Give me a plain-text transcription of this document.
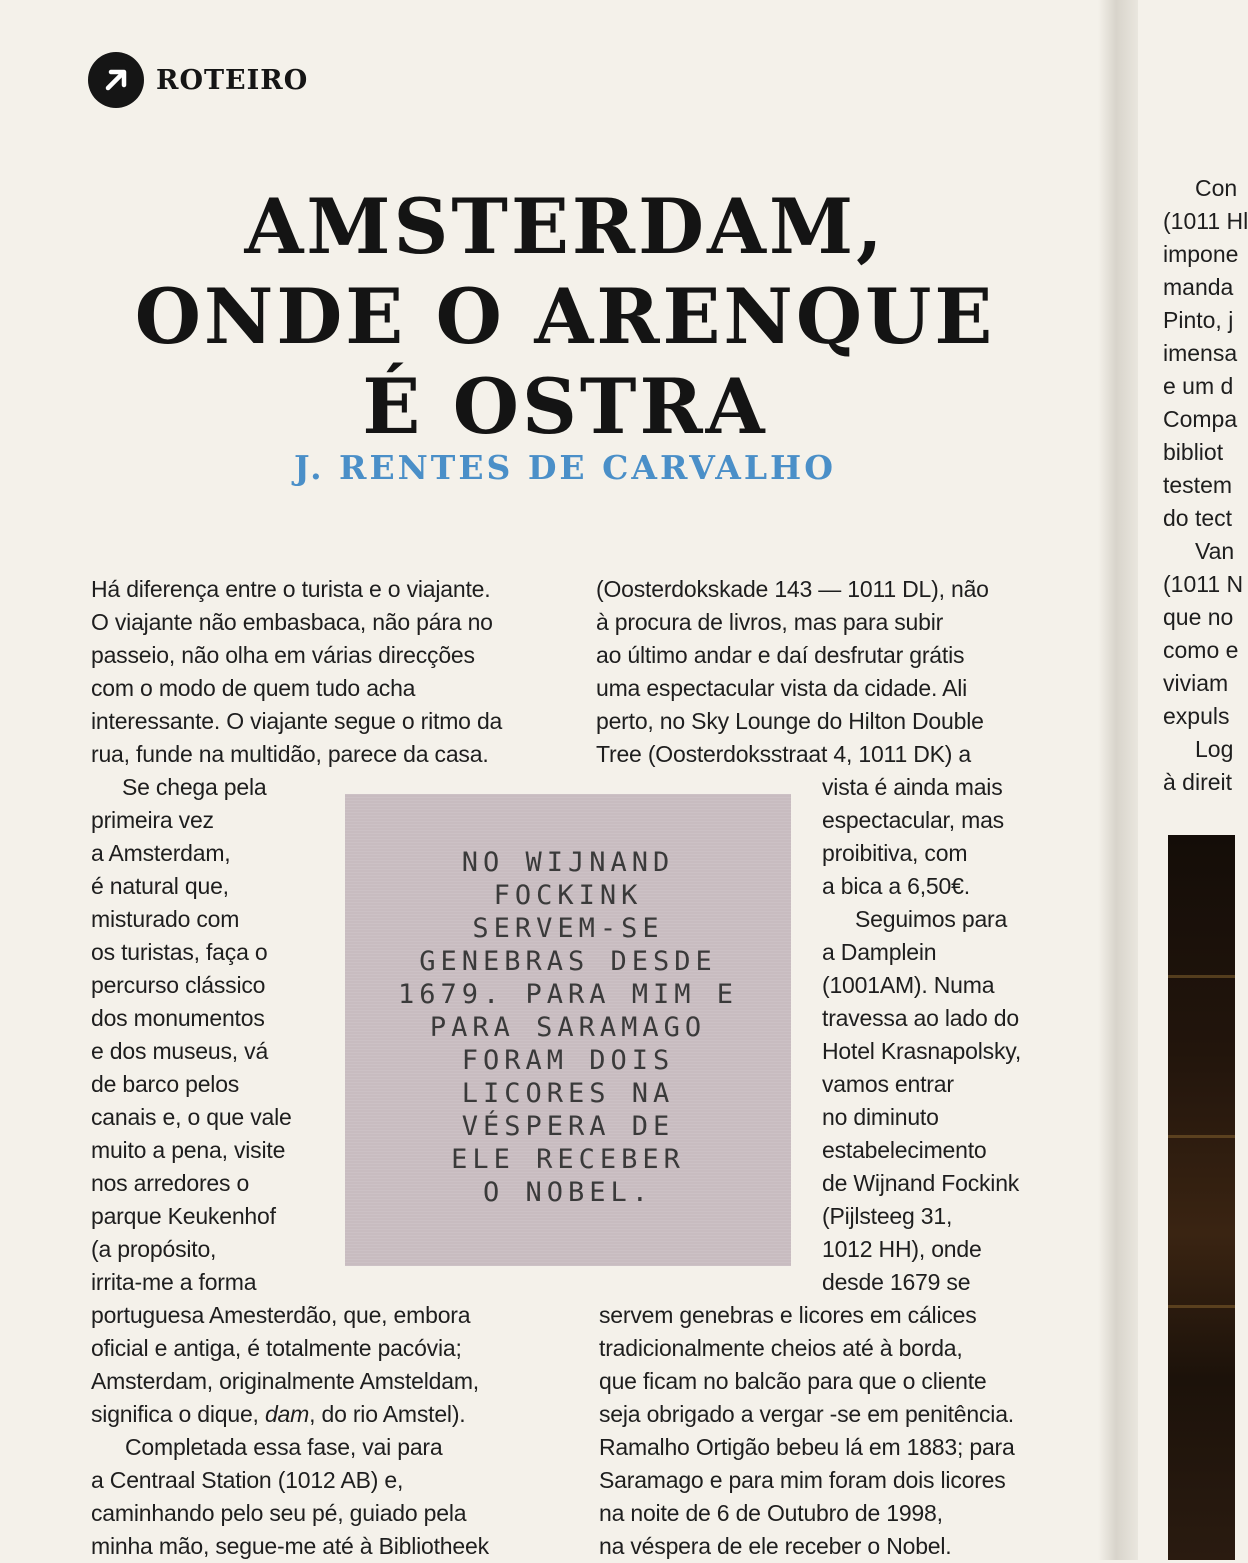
ROTEIRO
AMSTERDAM,
ONDE O ARENQUE
É OSTRA
J. RENTES DE CARVALHO
Há diferença entre o turista e o viajante.
O viajante não embasbaca, não pára no
passeio, não olha em várias direcções
com o modo de quem tudo acha
interessante. O viajante segue o ritmo da
rua, funde na multidão, parece da casa.
Se chega pela
primeira vez
a Amsterdam,
é natural que,
misturado com
os turistas, faça o
percurso clássico
dos monumentos
e dos museus, vá
de barco pelos
canais e, o que vale
muito a pena, visite
nos arredores o
parque Keukenhof
(a propósito,
irrita-me a forma
portuguesa Amesterdão, que, embora
oficial e antiga, é totalmente pacóvia;
Amsterdam, originalmente Amsteldam,
significa o dique, dam, do rio Amstel).
Completada essa fase, vai para
a Centraal Station (1012 AB) e,
caminhando pelo seu pé, guiado pela
minha mão, segue-me até à Bibliotheek
NO WIJNAND
FOCKINK
SERVEM-SE
GENEBRAS DESDE
1679. PARA MIM E
PARA SARAMAGO
FORAM DOIS
LICORES NA
VÉSPERA DE
ELE RECEBER
O NOBEL.
(Oosterdokskade 143 — 1011 DL), não
à procura de livros, mas para subir
ao último andar e daí desfrutar grátis
uma espectacular vista da cidade. Ali
perto, no Sky Lounge do Hilton Double
Tree (Oosterdoksstraat 4, 1011 DK) a
vista é ainda mais
espectacular, mas
proibitiva, com
a bica a 6,50€.
Seguimos para
a Damplein
(1001AM). Numa
travessa ao lado do
Hotel Krasnapolsky,
vamos entrar
no diminuto
estabelecimento
de Wijnand Fockink
(Pijlsteeg 31,
1012 HH), onde
desde 1679 se
servem genebras e licores em cálices
tradicionalmente cheios até à borda,
que ficam no balcão para que o cliente
seja obrigado a vergar -se em penitência.
Ramalho Ortigão bebeu lá em 1883; para
Saramago e para mim foram dois licores
na noite de 6 de Outubro de 1998,
na véspera de ele receber o Nobel.
Con
(1011 Hl
impone
manda
Pinto, j
imensa
e um d
Compa
bibliot
testem
do tect
Van
(1011 N
que no
como e
viviam
expuls
Log
à direit
